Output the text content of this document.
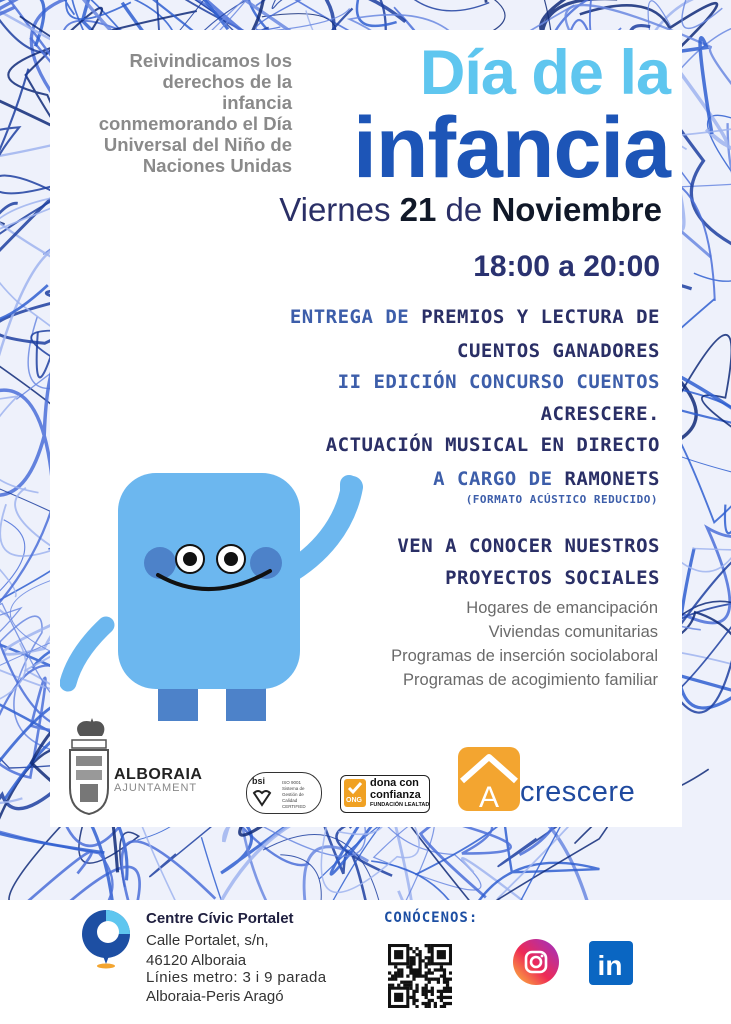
Reivindicamos los
derechos de la
infancia
conmemorando el Día
Universal del Niño de
Naciones Unidas
Día de la
infancia
Viernes 21 de Noviembre
18:00 a 20:00
ENTREGA DE PREMIOS Y LECTURA DE
CUENTOS GANADORES
II EDICIÓN CONCURSO CUENTOS
ACRESCERE.
ACTUACIÓN MUSICAL EN DIRECTO
A CARGO DE RAMONETS
(FORMATO ACÚSTICO REDUCIDO)
VEN A CONOCER NUESTROS
PROYECTOS SOCIALES
Hogares de emancipación
Viviendas comunitarias
Programas de inserción sociolaboral
Programas de acogimiento familiar
ALBORAIA
AJUNTAMENT
bsi	ISO 9001 Sistema de Gestión de Calidad CERTIFIED
ONG
dona con confianza
FUNDACIÓN LEALTAD A crescere
Centre Cívic Portalet
Calle Portalet, s/n,
46120 Alboraia
Línies metro: 3 i 9 parada
Alboraia-Peris Aragó
CONÓCENOS:
in
